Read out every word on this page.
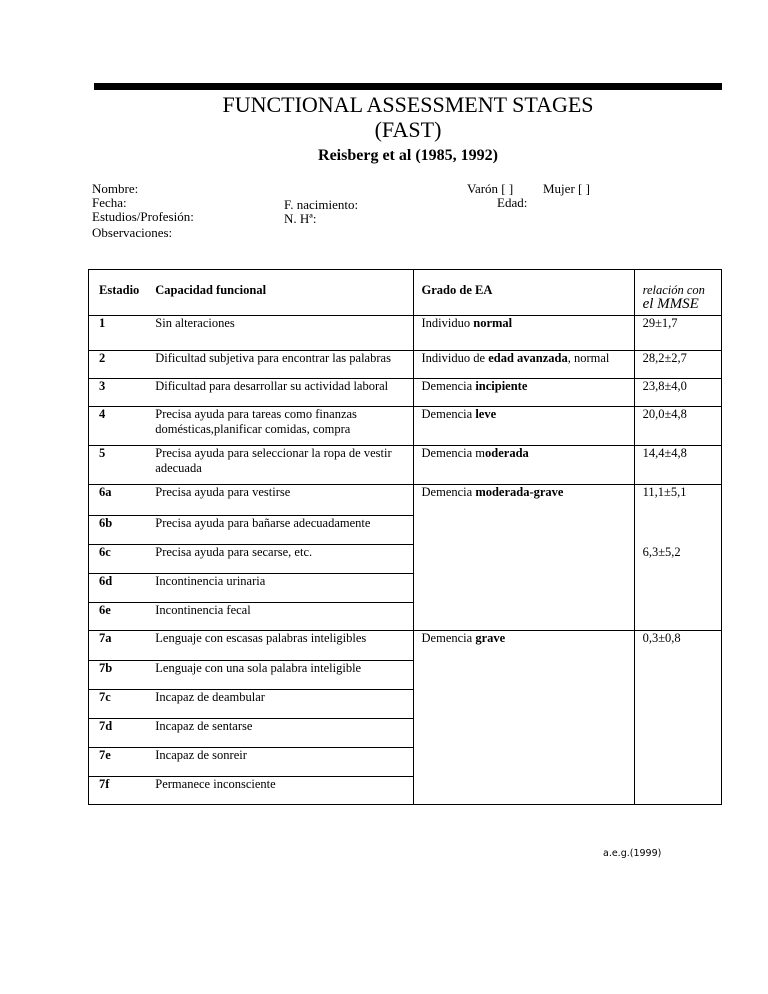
FUNCTIONAL ASSESSMENT STAGES
(FAST)
Reisberg et al (1985, 1992)
Nombre:
Fecha:
Estudios/Profesión:
Observaciones:
F. nacimiento:
N. Hª:
Varón [ ] Mujer [ ]
Edad:
Estadio	Capacidad funcional	Grado de EA	relación con
el MMSE

1	Sin alteraciones	Individuo normal	29±1,7
2	Dificultad subjetiva para encontrar las palabras	Individuo de edad avanzada, normal	28,2±2,7
3	Dificultad para desarrollar su actividad laboral	Demencia incipiente	23,8±4,0
4	Precisa ayuda para tareas como finanzas domésticas,planificar comidas, compra	Demencia leve	20,0±4,8
5	Precisa ayuda para seleccionar la ropa de vestir adecuada	Demencia moderada	14,4±4,8
6a	Precisa ayuda para vestirse	Demencia moderada-grave	11,1±5,1
6b	Precisa ayuda para bañarse adecuadamente		
6c	Precisa ayuda para secarse, etc.		6,3±5,2
6d	Incontinencia urinaria		
6e	Incontinencia fecal		
7a	Lenguaje con escasas palabras inteligibles	Demencia grave	0,3±0,8
7b	Lenguaje con una sola palabra inteligible		
7c	Incapaz de deambular		
7d	Incapaz de sentarse		
7e	Incapaz de sonreir		
7f	Permanece inconsciente		
a.e.g.(1999)
